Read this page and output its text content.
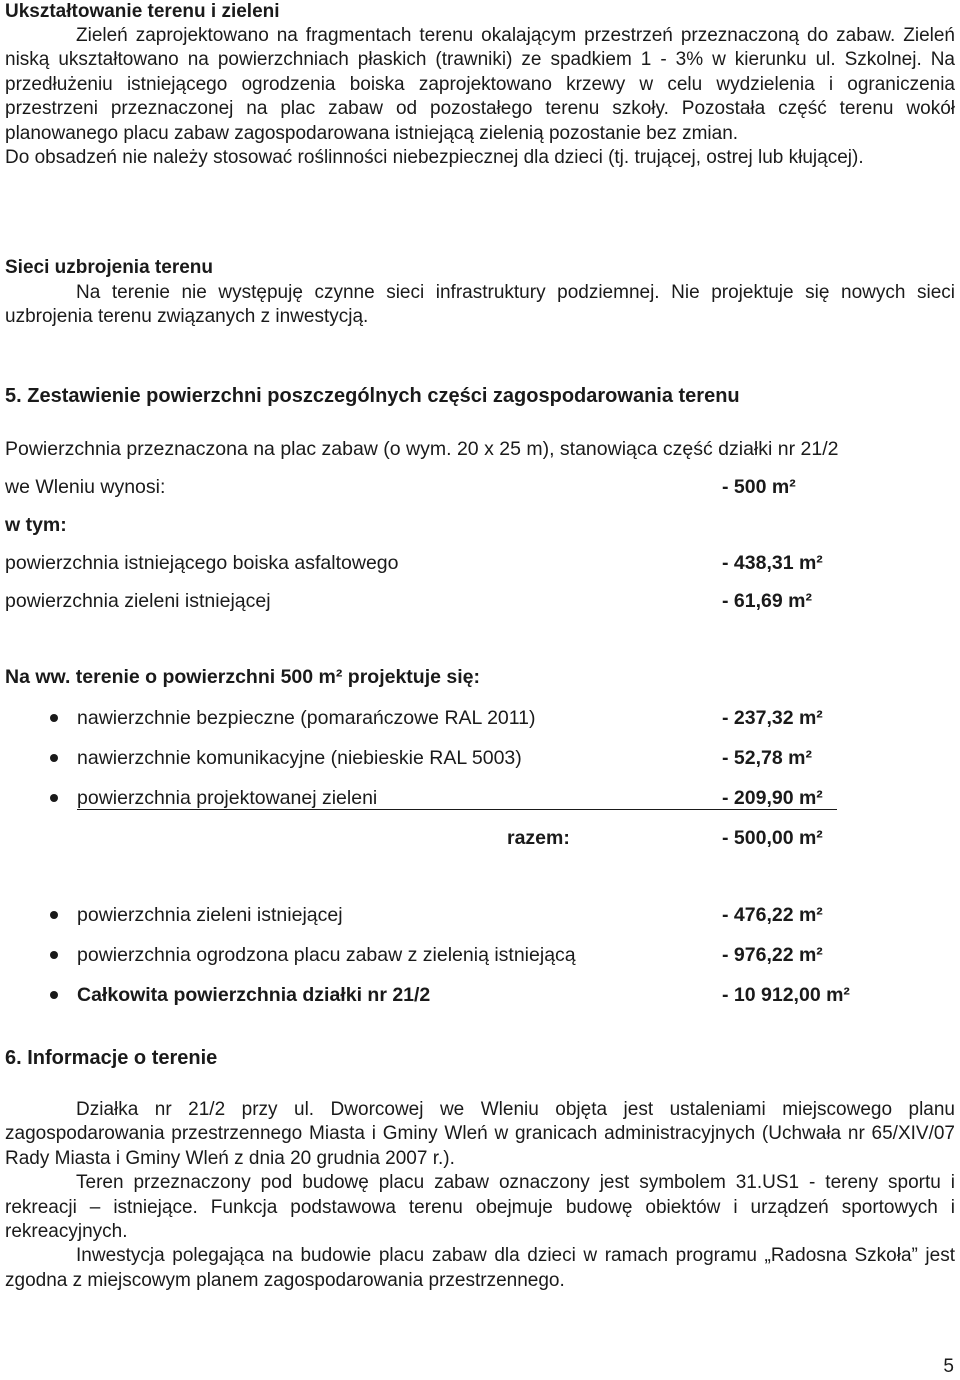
Ukształtowanie terenu i zieleni

Zieleń zaprojektowano na fragmentach terenu okalającym przestrzeń przeznaczoną do zabaw. Zieleń niską ukształtowano na powierzchniach płaskich (trawniki) ze spadkiem 1 - 3% w kierunku ul. Szkolnej. Na przedłużeniu istniejącego ogrodzenia boiska zaprojektowano krzewy w celu wydzielenia i ograniczenia przestrzeni przeznaczonej na plac zabaw od pozostałego terenu szkoły. Pozostała część terenu wokół planowanego placu zabaw zagospodarowana istniejącą zielenią pozostanie bez zmian.

Do obsadzeń nie należy stosować roślinności niebezpiecznej dla dzieci (tj. trującej, ostrej lub kłującej).

Sieci uzbrojenia terenu

Na terenie nie występuję czynne sieci infrastruktury podziemnej. Nie projektuje się nowych sieci uzbrojenia terenu związanych z inwestycją.

5. Zestawienie powierzchni poszczególnych części zagospodarowania terenu
Powierzchnia przeznaczona na plac zabaw (o wym. 20 x 25 m), stanowiąca część działki nr 21/2
we Wleniu wynosi:	- 500 m²
w tym:
powierzchnia istniejącego boiska asfaltowego	- 438,31 m²
powierzchnia zieleni istniejącej	- 61,69 m²
Na ww. terenie o powierzchni 500 m² projektuje się:
nawierzchnie bezpieczne (pomarańczowe RAL 2011)	- 237,32 m²
nawierzchnie komunikacyjne (niebieskie RAL 5003)	- 52,78 m²
powierzchnia projektowanej zieleni	- 209,90 m²
razem:	- 500,00 m²
powierzchnia zieleni istniejącej	- 476,22 m²
powierzchnia ogrodzona placu zabaw z zielenią istniejącą	- 976,22 m²
Całkowita powierzchnia działki nr 21/2	- 10 912,00 m²
6. Informacje o terenie

Działka nr 21/2 przy ul. Dworcowej we Wleniu objęta jest ustaleniami miejscowego planu zagospodarowania przestrzennego Miasta i Gminy Wleń w granicach administracyjnych (Uchwała nr 65/XIV/07 Rady Miasta i Gminy Wleń z dnia 20 grudnia 2007 r.).

Teren przeznaczony pod budowę placu zabaw oznaczony jest symbolem 31.US1 - tereny sportu i rekreacji – istniejące. Funkcja podstawowa terenu obejmuje budowę obiektów i urządzeń sportowych i rekreacyjnych.

Inwestycja polegająca na budowie placu zabaw dla dzieci w ramach programu „Radosna Szkoła” jest zgodna z miejscowym planem zagospodarowania przestrzennego.

5
